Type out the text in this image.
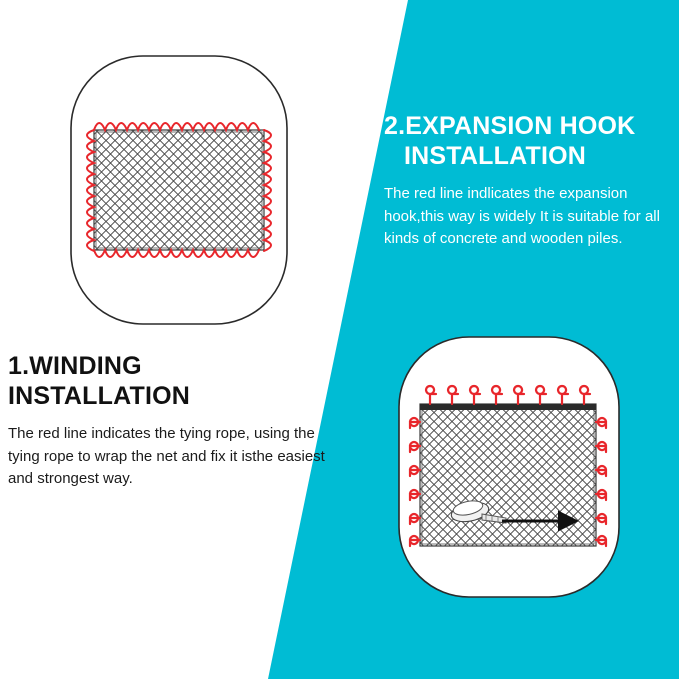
1.WINDING INSTALLATION

The red line indicates the tying rope, using the tying rope to wrap the net and fix it isthe easiest and strongest way.

2.EXPANSION HOOK
INSTALLATION

The red line indlicates the expansion hook,this way is widely It is suitable for all kinds of concrete and wooden piles.
